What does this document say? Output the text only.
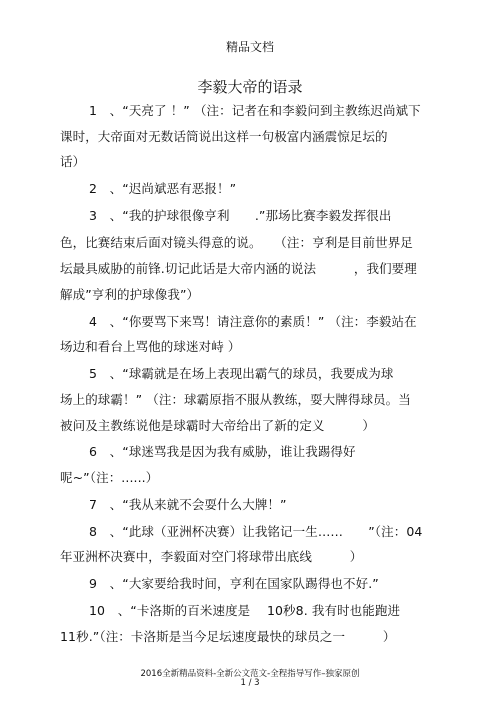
精品文档
李毅大帝的语录
1　、“天亮了 ！” （注：记者在和李毅问到主教练迟尚斌下
课时，大帝面对无数话筒说出这样一句极富内涵震惊足坛的
话）
2　、“迟尚斌恶有恶报！”
3　、“我的护球很像亨利　　.”那场比赛李毅发挥很出
色，比赛结束后面对镜头得意的说。　　（注：亨利是目前世界足
坛最具威胁的前锋.切记此话是大帝内涵的说法　　　，我们要理
解成”亨利的护球像我”）
4　、“你要骂下来骂！请注意你的素质！” （注：李毅站在
场边和看台上骂他的球迷对峙 ）
5　、“球霸就是在场上表现出霸气的球员，我要成为球
场上的球霸！” （注：球霸原指不服从教练，耍大牌得球员。当
被问及主教练说他是球霸时大帝给出了新的定义　　　）
6　、“球迷骂我是因为我有威胁，谁让我踢得好
呢~”（注：......）
7　、“我从来就不会耍什么大牌！”
8　、“此球（亚洲杯决赛）让我铭记一生……　　”（注：04
年亚洲杯决赛中，李毅面对空门将球带出底线　　　）
9　、“大家要给我时间，亨利在国家队踢得也不好.”
10　、“卡洛斯的百米速度是　 10秒8. 我有时也能跑进
11秒.”（注：卡洛斯是当今足坛速度最快的球员之一　　　）
2016全新精品资料-全新公文范文-全程指导写作–独家原创
1 / 3
